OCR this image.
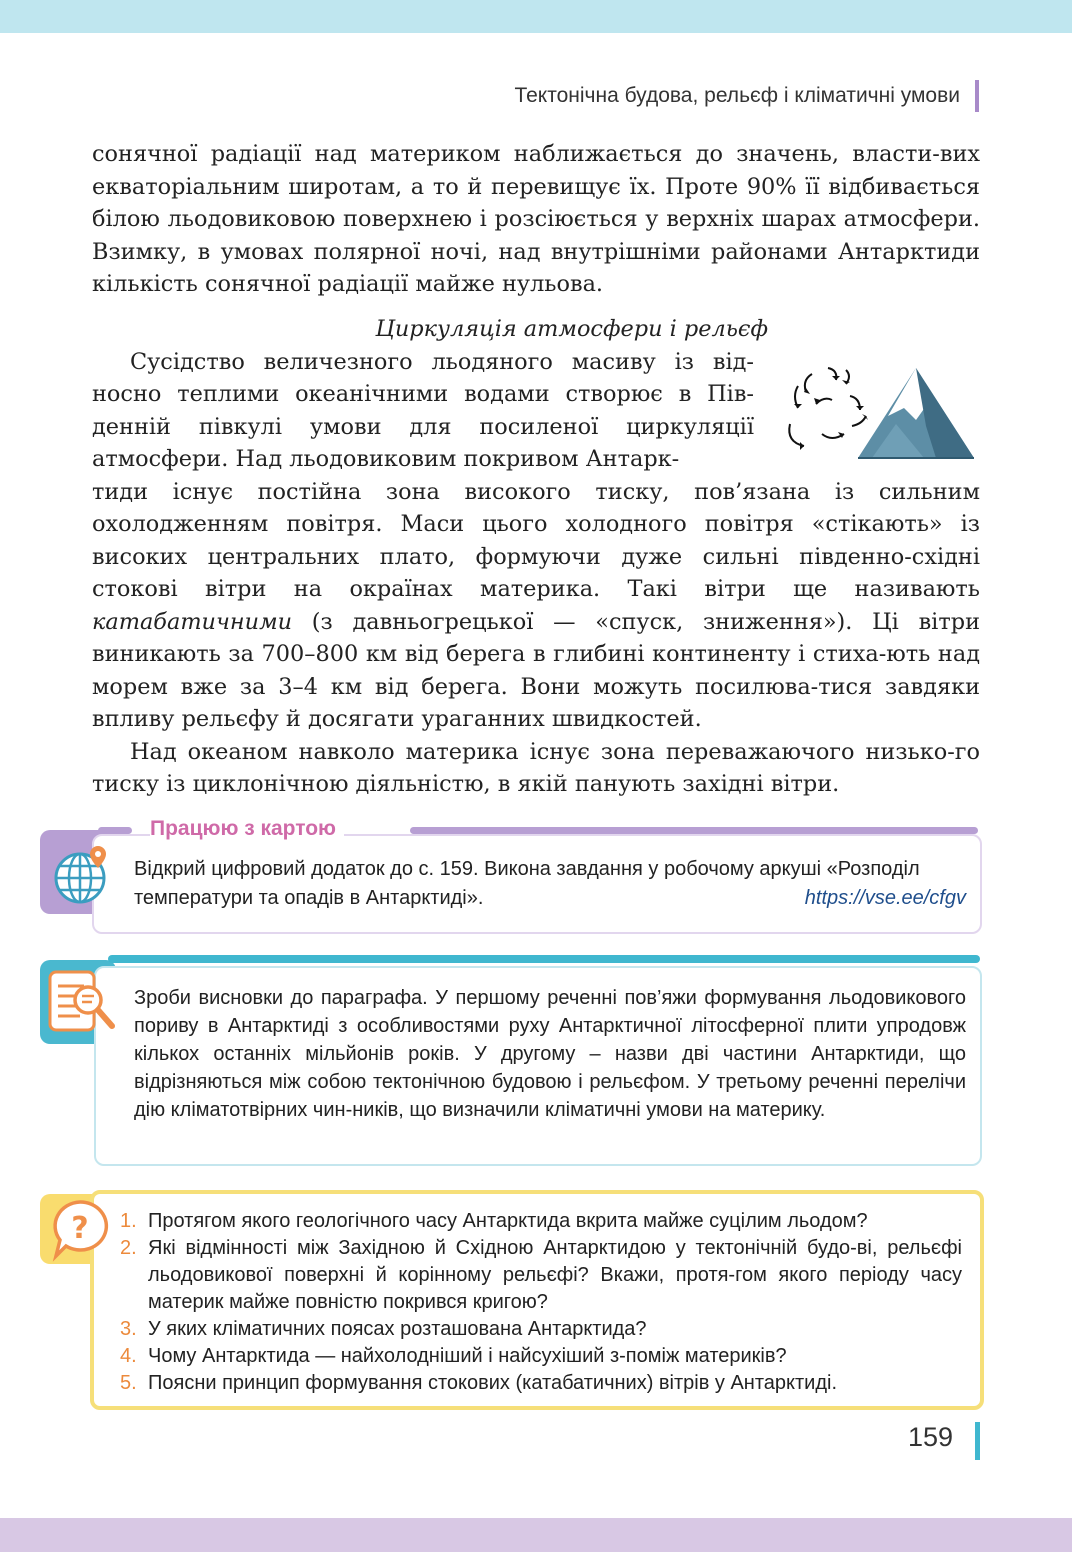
Тектонічна будова, рельєф і кліматичні умови

сонячної радіації над материком наближається до значень, власти-вих екваторіальним широтам, а то й перевищує їх. Проте 90% її відбивається білою льодовиковою поверхнею і розсіюється у верхніх шарах атмосфери. Взимку, в умовах полярної ночі, над внутрішніми районами Антарктиди кількість сонячної радіації майже нульова.

Циркуляція атмосфери і рельєф

Сусідство величезного льодяного масиву із від-носно теплими океанічними водами створює в Пів-денній півкулі умови для посиленої циркуляції атмосфери. Над льодовиковим покривом Антарк-

тиди існує постійна зона високого тиску, пов’язана із сильним охолодженням повітря. Маси цього холодного повітря «стікають» із високих центральних плато, формуючи дуже сильні південно-східні стокові вітри на окраїнах материка. Такі вітри ще називають катабатичними (з давньогрецької — «спуск, зниження»). Ці вітри виникають за 700–800 км від берега в глибині континенту і стиха-ють над морем вже за 3–4 км від берега. Вони можуть посилюва-тися завдяки впливу рельєфу й досягати ураганних швидкостей.

Над океаном навколо материка існує зона переважаючого низько-го тиску із циклонічною діяльністю, в якій панують західні вітри.

Працюю з картою
Відкрий цифровий додаток до с. 159. Викона завдання у робочому аркуші «Розподіл температури та опадів в Антарктиді».	https://vse.ee/cfgv
Зроби висновки до параграфа. У першому реченні пов’яжи формування льодовикового пориву в Антарктиді з особливостями руху Антарктичної літосферної плити упродовж кількох останніх мільйонів років. У другому – назви дві частини Антарктиди, що відрізняються між собою тектонічною будовою і рельєфом. У третьому реченні перелічи дію кліматотвірних чин-ників, що визначили кліматичні умови на материку.
? 1. Протягом якого геологічного часу Антарктида вкрита майже суцілим льодом?
2. Які відмінності між Західною й Східною Антарктидою у тектонічній будо-ві, рельєфі льодовикової поверхні й корінному рельєфі? Вкажи, протя-гом якого періоду часу материк майже повністю покрився кригою?
3. У яких кліматичних поясах розташована Антарктида?
4. Чому Антарктида — найхолодніший і найсухіший з-поміж материків?
5. Поясни принцип формування стокових (катабатичних) вітрів у Антарктиді.
159
